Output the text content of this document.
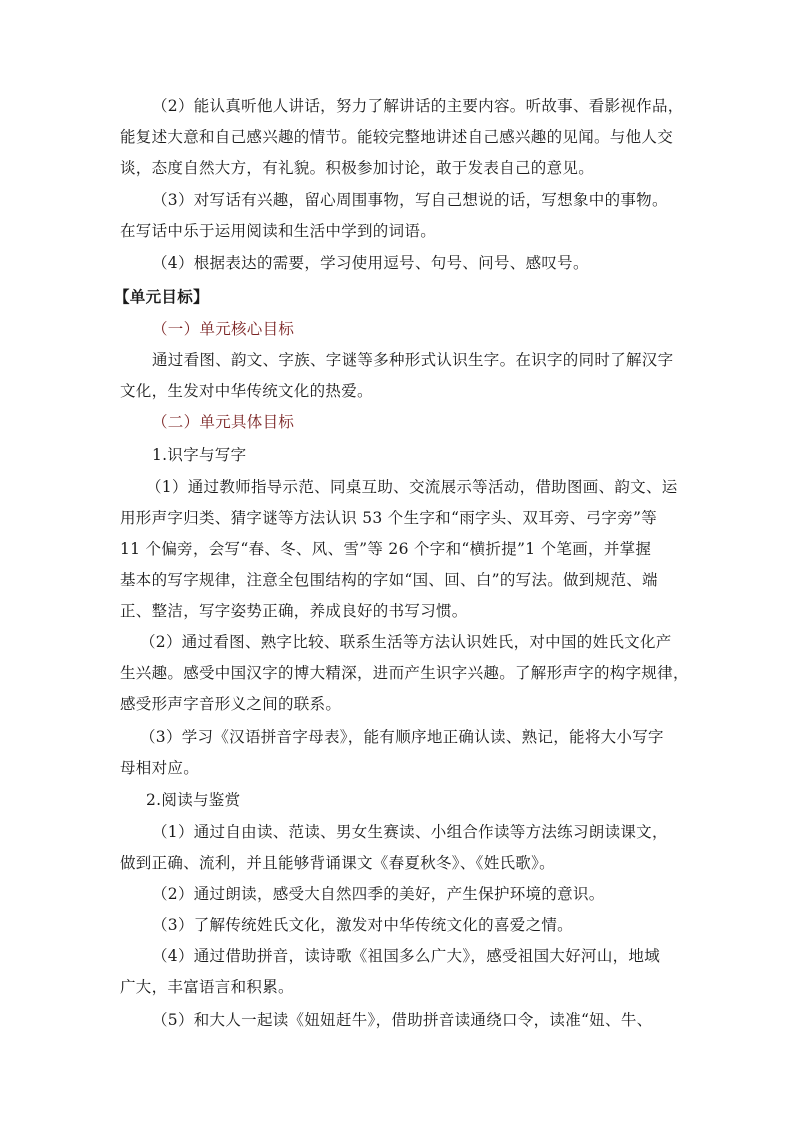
（2）能认真听他人讲话，努力了解讲话的主要内容。听故事、看影视作品，
能复述大意和自己感兴趣的情节。能较完整地讲述自己感兴趣的见闻。与他人交
谈，态度自然大方，有礼貌。积极参加讨论，敢于发表自己的意见。
（3）对写话有兴趣，留心周围事物，写自己想说的话，写想象中的事物。
在写话中乐于运用阅读和生活中学到的词语。
（4）根据表达的需要，学习使用逗号、句号、问号、感叹号。
【单元目标】
（一）单元核心目标
通过看图、韵文、字族、字谜等多种形式认识生字。在识字的同时了解汉字
文化，生发对中华传统文化的热爱。
（二）单元具体目标
1.识字与写字
（1）通过教师指导示范、同桌互助、交流展示等活动，借助图画、韵文、运
用形声字归类、猜字谜等方法认识 53 个生字和“雨字头、双耳旁、弓字旁”等
11 个偏旁，会写“春、冬、风、雪”等 26 个字和“横折提”1 个笔画，并掌握
基本的写字规律，注意全包围结构的字如“国、回、白”的写法。做到规范、端
正、整洁，写字姿势正确，养成良好的书写习惯。
（2）通过看图、熟字比较、联系生活等方法认识姓氏，对中国的姓氏文化产
生兴趣。感受中国汉字的博大精深，进而产生识字兴趣。了解形声字的构字规律，
感受形声字音形义之间的联系。
（3）学习《汉语拼音字母表》，能有顺序地正确认读、熟记，能将大小写字
母相对应。
2.阅读与鉴赏
（1）通过自由读、范读、男女生赛读、小组合作读等方法练习朗读课文，
做到正确、流利，并且能够背诵课文《春夏秋冬》、《姓氏歌》。
（2）通过朗读，感受大自然四季的美好，产生保护环境的意识。
（3）了解传统姓氏文化，激发对中华传统文化的喜爱之情。
（4）通过借助拼音，读诗歌《祖国多么广大》，感受祖国大好河山，地域
广大，丰富语言和积累。
（5）和大人一起读《妞妞赶牛》，借助拼音读通绕口令，读准“妞、牛、
